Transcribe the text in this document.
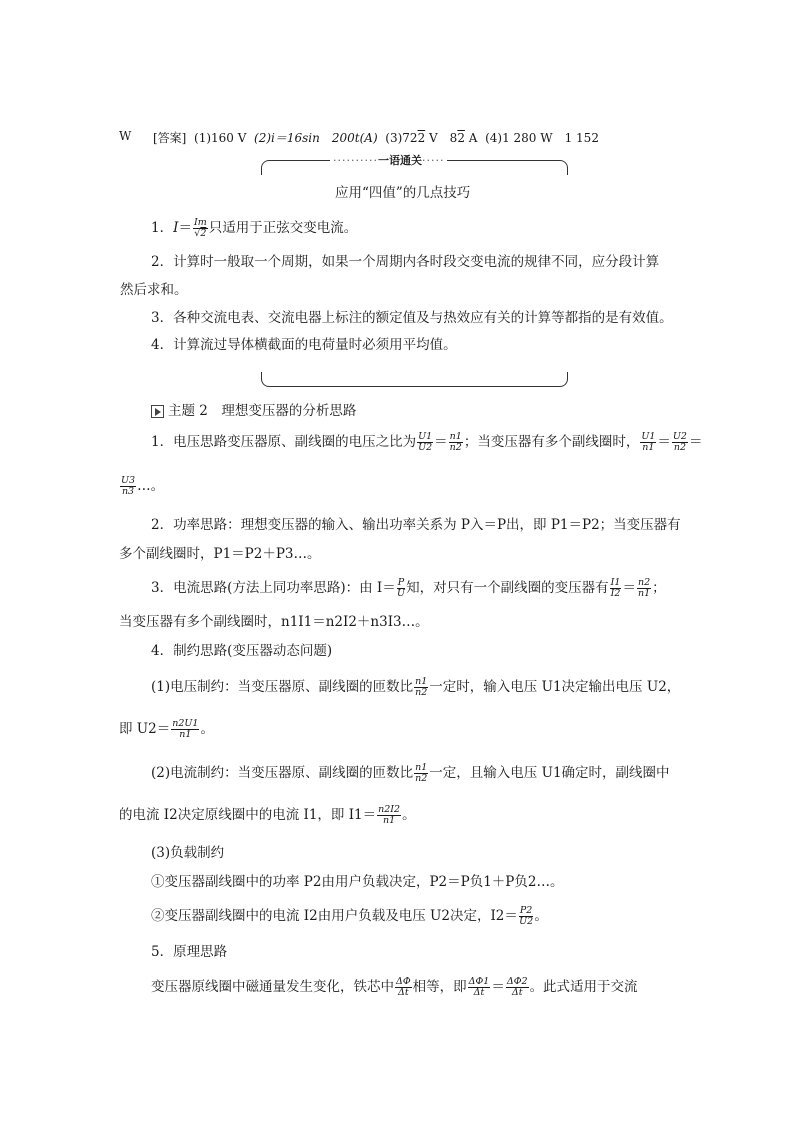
[答案] (1)160 V (2)i＝16sin　200t(A) (3)722 V　82 A (4)1 280 W　1 152
W
··········一语通关·····
应用“四值”的几点技巧
1．$I= \frac{Im}{√2}$ 只适用于正弦交变电流。
2．计算时一般取一个周期，如果一个周期内各时段交变电流的规律不同，应分段计算
然后求和。
3．各种交流电表、交流电器上标注的额定值及与热效应有关的计算等都指的是有效值。
4．计算流过导体横截面的电荷量时必须用平均值。
主题 2　理想变压器的分析思路
1．电压思路变压器原、副线圈的电压之比为 $\frac{U1}{U2} = \frac{n1}{n2}$ ；当变压器有多个副线圈时， $\frac{U1}{n1} = \frac{U2}{n2}$ ＝
$\frac{U3}{n3}$ …。
2．功率思路：理想变压器的输入、输出功率关系为 P入＝P出，即 P1＝P2；当变压器有
多个副线圈时，P1＝P2＋P3…。
3．电流思路(方法上同功率思路)：由 $I= \frac{P}{U}$ 知，对只有一个副线圈的变压器有 $\frac{I1}{I2} = \frac{n2}{n1}$ ；
当变压器有多个副线圈时，n1I1＝n2I2＋n3I3…。
4．制约思路(变压器动态问题)
(1)电压制约：当变压器原、副线圈的匝数比 $\frac{n1}{n2}$ 一定时，输入电压 U1决定输出电压 U2，
即 $U2= \frac{n2U1}{n1}$ 。
(2)电流制约：当变压器原、副线圈的匝数比 $\frac{n1}{n2}$ 一定，且输入电压 U1确定时，副线圈中
的电流 I2决定原线圈中的电流 I1，即 $I1= \frac{n2I2}{n1}$ 。
(3)负载制约
①变压器副线圈中的功率 P2由用户负载决定，P2＝P负1＋P负2…。
②变压器副线圈中的电流 I2由用户负载及电压 U2决定，$I2= \frac{P2}{U2}$ 。
5．原理思路
变压器原线圈中磁通量发生变化，铁芯中 $\frac{\Delta\Phi}{\Delta t}$ 相等，即 $\frac{\Delta\Phi 1}{\Delta t} = \frac{\Delta\Phi 2}{\Delta t}$ 。此式适用于交流
